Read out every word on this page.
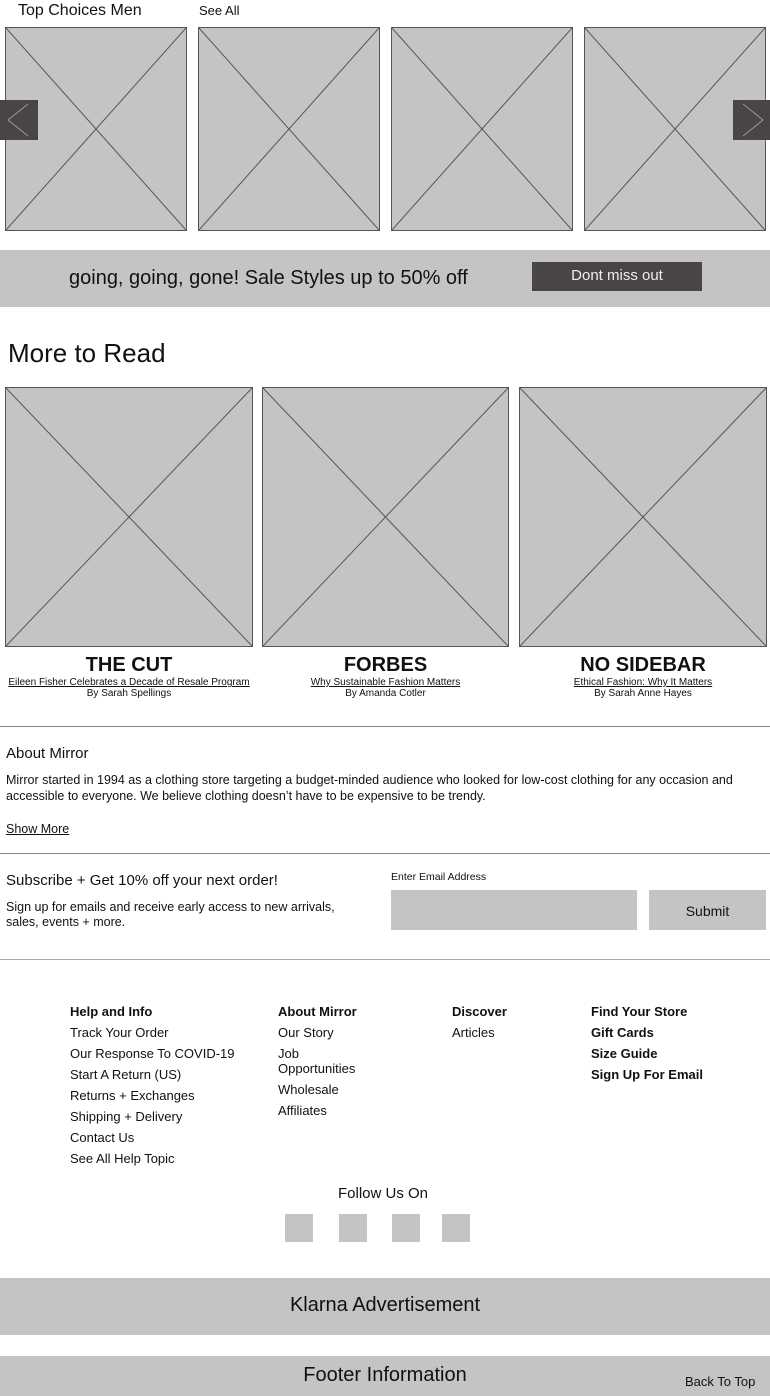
Top Choices Men	See All
going, going, gone! Sale Styles up to 50% off	Dont miss out
More to Read
THE CUT
Eileen Fisher Celebrates a Decade of Resale Program
By Sarah Spellings
FORBES
Why Sustainable Fashion Matters
By Amanda Cotler
NO SIDEBAR
Ethical Fashion: Why It Matters
By Sarah Anne Hayes
About Mirror
Mirror started in 1994 as a clothing store targeting a budget-minded audience who looked for low-cost clothing for any occasion and accessible to everyone. We believe clothing doesn’t have to be expensive to be trendy.
Show More
Subscribe + Get 10% off your next order!
Sign up for emails and receive early access to new arrivals, sales, events + more.
Enter Email Address
Submit
Help and Info
Track Your Order
Our Response To COVID-19
Start A Return (US)
Returns + Exchanges
Shipping + Delivery
Contact Us
See All Help Topic
About Mirror
Our Story
Job Opportunities
Wholesale
Affiliates
Discover
Articles
Find Your Store
Gift Cards
Size Guide
Sign Up For Email
Follow Us On
Klarna Advertisement
Footer Information	Back To Top
